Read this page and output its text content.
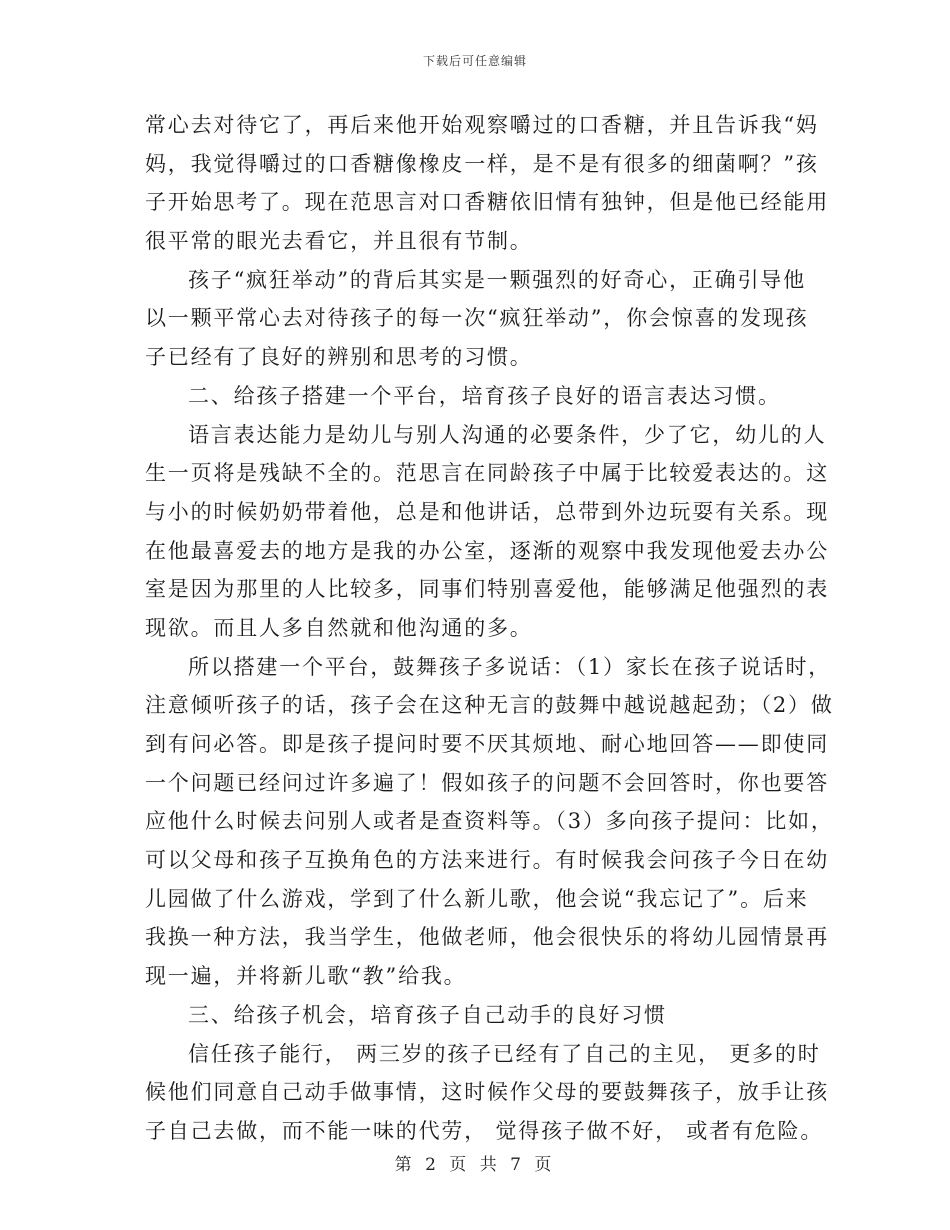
下载后可任意编辑
常心去对待它了，再后来他开始观察嚼过的口香糖，并且告诉我“妈
妈，我觉得嚼过的口香糖像橡皮一样，是不是有很多的细菌啊？”孩
子开始思考了。现在范思言对口香糖依旧情有独钟，但是他已经能用
很平常的眼光去看它，并且很有节制。
孩子“疯狂举动”的背后其实是一颗强烈的好奇心，正确引导他
以一颗平常心去对待孩子的每一次“疯狂举动”，你会惊喜的发现孩
子已经有了良好的辨别和思考的习惯。
二、给孩子搭建一个平台，培育孩子良好的语言表达习惯。
语言表达能力是幼儿与别人沟通的必要条件，少了它，幼儿的人
生一页将是残缺不全的。范思言在同龄孩子中属于比较爱表达的。这
与小的时候奶奶带着他，总是和他讲话，总带到外边玩耍有关系。现
在他最喜爱去的地方是我的办公室，逐渐的观察中我发现他爱去办公
室是因为那里的人比较多，同事们特别喜爱他，能够满足他强烈的表
现欲。而且人多自然就和他沟通的多。
所以搭建一个平台，鼓舞孩子多说话：（1）家长在孩子说话时，
注意倾听孩子的话，孩子会在这种无言的鼓舞中越说越起劲；（2）做
到有问必答。即是孩子提问时要不厌其烦地、耐心地回答——即使同
一个问题已经问过许多遍了！假如孩子的问题不会回答时，你也要答
应他什么时候去问别人或者是查资料等。（3）多向孩子提问：比如，
可以父母和孩子互换角色的方法来进行。有时候我会问孩子今日在幼
儿园做了什么游戏，学到了什么新儿歌，他会说“我忘记了”。后来
我换一种方法，我当学生，他做老师，他会很快乐的将幼儿园情景再
现一遍，并将新儿歌“教”给我。
三、给孩子机会，培育孩子自己动手的良好习惯
信任孩子能行， 两三岁的孩子已经有了自己的主见， 更多的时
候他们同意自己动手做事情，这时候作父母的要鼓舞孩子，放手让孩
子自己去做，而不能一味的代劳， 觉得孩子做不好， 或者有危险。
第 2 页 共 7 页
